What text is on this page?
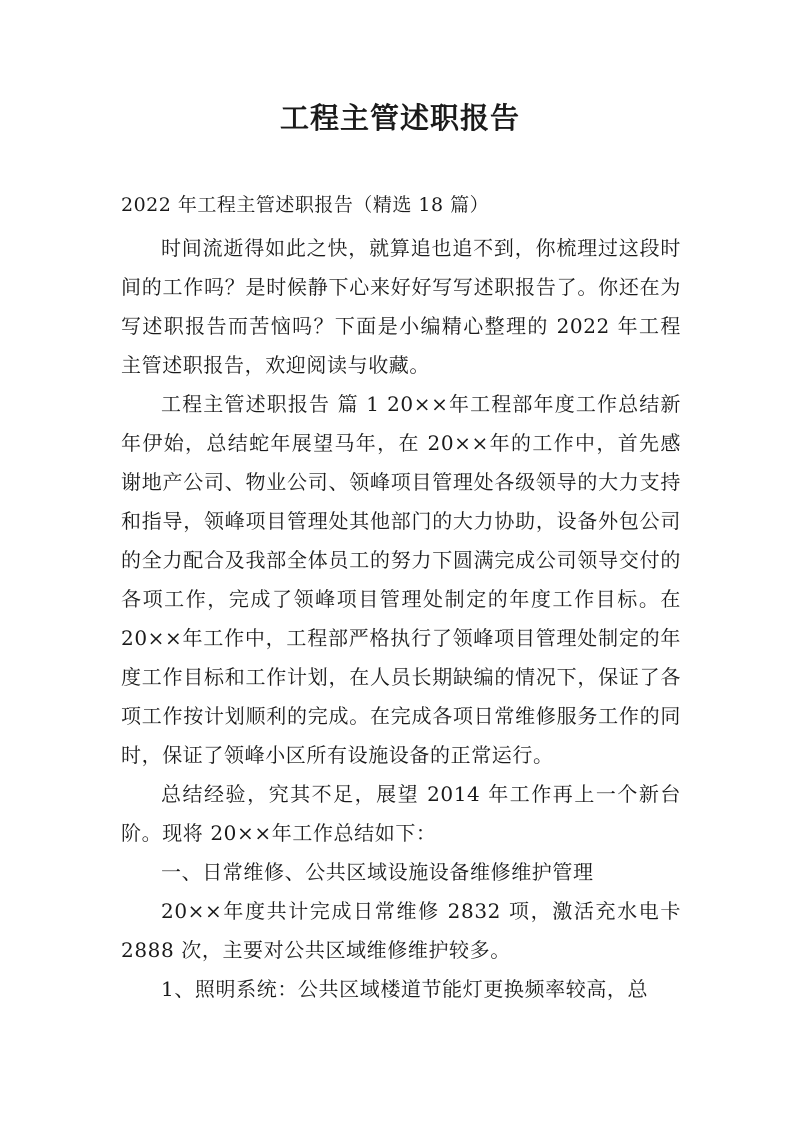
工程主管述职报告
2022 年工程主管述职报告（精选 18 篇）

时间流逝得如此之快，就算追也追不到，你梳理过这段时间的工作吗？是时候静下心来好好写写述职报告了。你还在为写述职报告而苦恼吗？下面是小编精心整理的 2022 年工程主管述职报告，欢迎阅读与收藏。

工程主管述职报告 篇 1 20××年工程部年度工作总结新年伊始，总结蛇年展望马年，在 20××年的工作中，首先感谢地产公司、物业公司、领峰项目管理处各级领导的大力支持和指导，领峰项目管理处其他部门的大力协助，设备外包公司的全力配合及我部全体员工的努力下圆满完成公司领导交付的各项工作，完成了领峰项目管理处制定的年度工作目标。在 20××年工作中，工程部严格执行了领峰项目管理处制定的年度工作目标和工作计划，在人员长期缺编的情况下，保证了各项工作按计划顺利的完成。在完成各项日常维修服务工作的同时，保证了领峰小区所有设施设备的正常运行。

总结经验，究其不足，展望 2014 年工作再上一个新台阶。现将 20××年工作总结如下：

一、日常维修、公共区域设施设备维修维护管理

20××年度共计完成日常维修 2832 项，激活充水电卡 2888 次，主要对公共区域维修维护较多。

1、照明系统：公共区域楼道节能灯更换频率较高，总
